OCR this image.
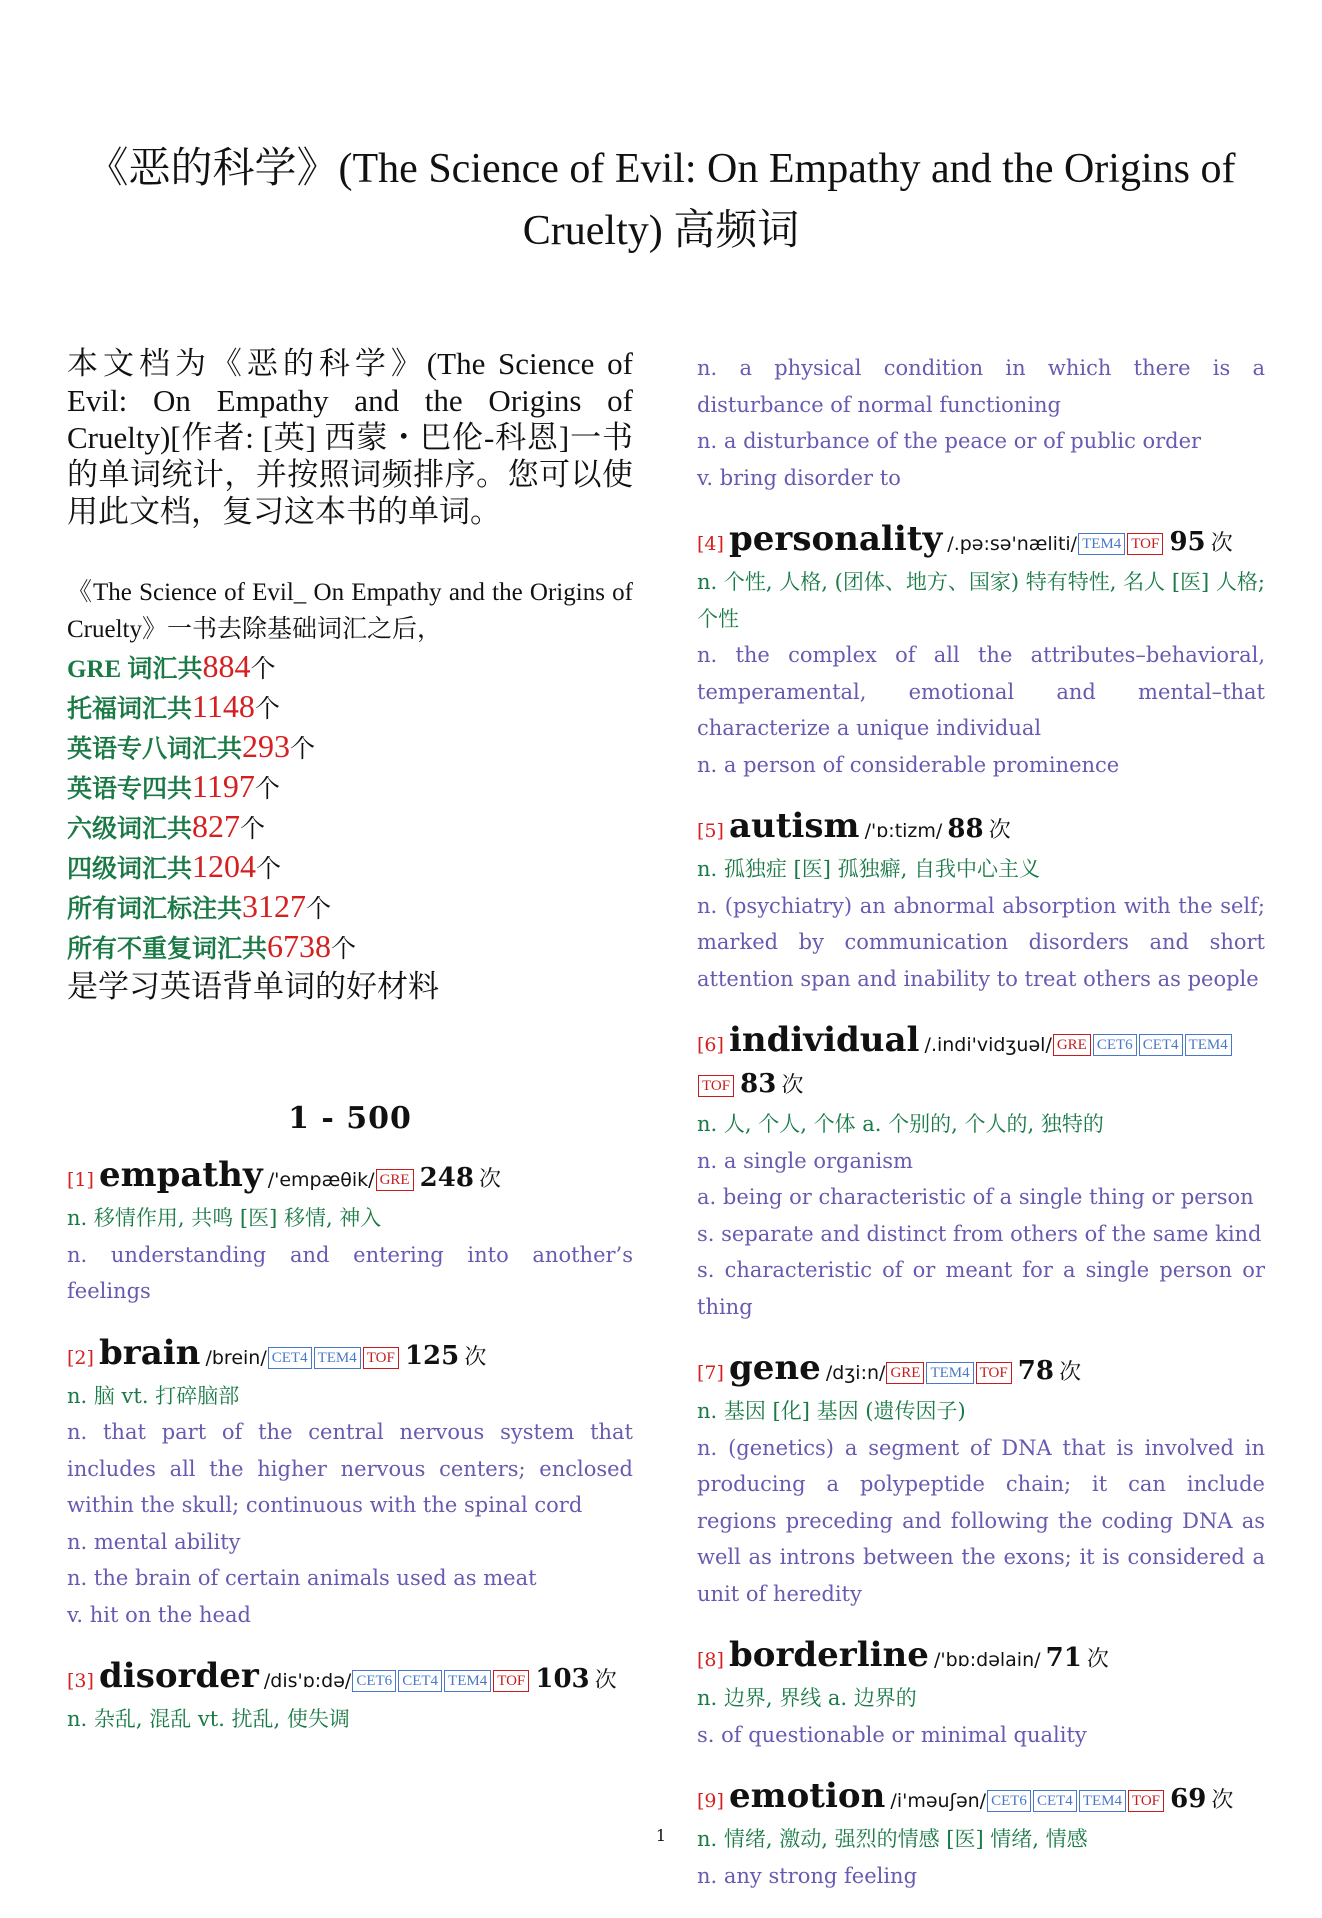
《恶的科学》(The Science of Evil: On Empathy and the Origins of Cruelty) 高频词

本文档为《恶的科学》(The Science of Evil: On Empathy and the Origins of Cruelty)[作者: [英] 西蒙・巴伦-科恩]一书的单词统计，并按照词频排序。您可以使用此文档，复习这本书的单词。

《The Science of Evil_ On Empathy and the Origins of Cruelty》一书去除基础词汇之后，
GRE 词汇共884个
托福词汇共1148个
英语专八词汇共293个
英语专四共1197个
六级词汇共827个
四级词汇共1204个
所有词汇标注共3127个
所有不重复词汇共6738个
是学习英语背单词的好材料
1 - 500
[1] empathy /'empæθik/ GRE 248 次

n. 移情作用, 共鸣 [医] 移情, 神入

n. understanding and entering into another’s feelings

[2] brain /brein/ CET4 TEM4 TOF 125 次

n. 脑 vt. 打碎脑部

n. that part of the central nervous system that includes all the higher nervous centers; enclosed within the skull; continuous with the spinal cord

n. mental ability

n. the brain of certain animals used as meat

v. hit on the head

[3] disorder /dis'ɒ:də/ CET6 CET4 TEM4 TOF 103 次

n. 杂乱, 混乱 vt. 扰乱, 使失调

n. a physical condition in which there is a disturbance of normal functioning

n. a disturbance of the peace or of public order

v. bring disorder to

[4] personality /.pə:sə'næliti/ TEM4 TOF 95 次

n. 个性, 人格, (团体、地方、国家) 特有特性, 名人 [医] 人格; 个性

n. the complex of all the attributes–behavioral, temperamental, emotional and mental–that characterize a unique individual

n. a person of considerable prominence

[5] autism /'ɒ:tizm/ 88 次

n. 孤独症 [医] 孤独癖, 自我中心主义

n. (psychiatry) an abnormal absorption with the self; marked by communication disorders and short attention span and inability to treat others as people

[6] individual /.indi'vidʒuəl/ GRE CET6 CET4 TEM4TOF 83 次

n. 人, 个人, 个体 a. 个别的, 个人的, 独特的

n. a single organism

a. being or characteristic of a single thing or person

s. separate and distinct from others of the same kind

s. characteristic of or meant for a single person or thing

[7] gene /dʒi:n/ GRE TEM4 TOF 78 次

n. 基因 [化] 基因 (遗传因子)

n. (genetics) a segment of DNA that is involved in producing a polypeptide chain; it can include regions preceding and following the coding DNA as well as introns between the exons; it is considered a unit of heredity

[8] borderline /'bɒ:dəlain/ 71 次

n. 边界, 界线 a. 边界的

s. of questionable or minimal quality

[9] emotion /i'məuʃən/ CET6 CET4 TEM4 TOF 69 次

n. 情绪, 激动, 强烈的情感 [医] 情绪, 情感

n. any strong feeling

1
